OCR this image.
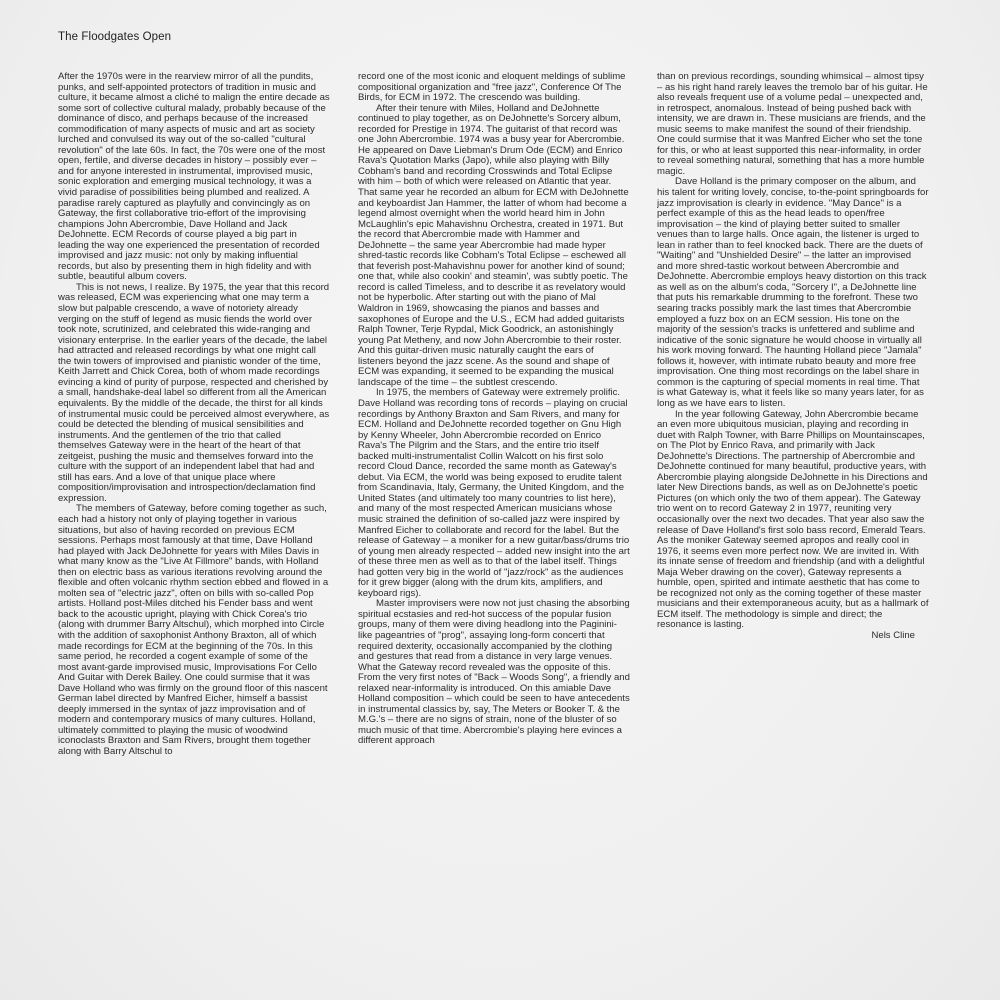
The Floodgates Open

After the 1970s were in the rearview mirror of all the pundits, punks, and self-appointed protectors of tradition in music and culture, it became almost a cliché to malign the entire decade as some sort of collective cultural malady, probably because of the dominance of disco, and perhaps because of the increased commodification of many aspects of music and art as society lurched and convulsed its way out of the so-called "cultural revolution" of the late 60s. In fact, the 70s were one of the most open, fertile, and diverse decades in history – possibly ever – and for anyone interested in instrumental, improvised music, sonic exploration and emerging musical technology, it was a vivid paradise of possibilities being plumbed and realized. A paradise rarely captured as playfully and convincingly as on Gateway, the first collaborative trio-effort of the improvising champions John Abercrombie, Dave Holland and Jack DeJohnette. ECM Records of course played a big part in leading the way one experienced the presentation of recorded improvised and jazz music: not only by making influential records, but also by presenting them in high fidelity and with subtle, beautiful album covers.

This is not news, I realize. By 1975, the year that this record was released, ECM was experiencing what one may term a slow but palpable crescendo, a wave of notoriety already verging on the stuff of legend as music fiends the world over took note, scrutinized, and celebrated this wide-ranging and visionary enterprise. In the earlier years of the decade, the label had attracted and released recordings by what one might call the twin towers of improvised and pianistic wonder of the time, Keith Jarrett and Chick Corea, both of whom made recordings evincing a kind of purity of purpose, respected and cherished by a small, handshake-deal label so different from all the American equivalents. By the middle of the decade, the thirst for all kinds of instrumental music could be perceived almost everywhere, as could be detected the blending of musical sensibilities and instruments. And the gentlemen of the trio that called themselves Gateway were in the heart of the heart of that zeitgeist, pushing the music and themselves forward into the culture with the support of an independent label that had and still has ears. And a love of that unique place where composition/improvisation and introspection/declamation find expression.

The members of Gateway, before coming together as such, each had a history not only of playing together in various situations, but also of having recorded on previous ECM sessions. Perhaps most famously at that time, Dave Holland had played with Jack DeJohnette for years with Miles Davis in what many know as the "Live At Fillmore" bands, with Holland then on electric bass as various iterations revolving around the flexible and often volcanic rhythm section ebbed and flowed in a molten sea of "electric jazz", often on bills with so-called Pop artists. Holland post-Miles ditched his Fender bass and went back to the acoustic upright, playing with Chick Corea's trio (along with drummer Barry Altschul), which morphed into Circle with the addition of saxophonist Anthony Braxton, all of which made recordings for ECM at the beginning of the 70s. In this same period, he recorded a cogent example of some of the most avant-garde improvised music, Improvisations For Cello And Guitar with Derek Bailey. One could surmise that it was Dave Holland who was firmly on the ground floor of this nascent German label directed by Manfred Eicher, himself a bassist deeply immersed in the syntax of jazz improvisation and of modern and contemporary musics of many cultures. Holland, ultimately committed to playing the music of woodwind iconoclasts Braxton and Sam Rivers, brought them together along with Barry Altschul to

record one of the most iconic and eloquent meldings of sublime compositional organization and "free jazz", Conference Of The Birds, for ECM in 1972. The crescendo was building.

After their tenure with Miles, Holland and DeJohnette continued to play together, as on DeJohnette's Sorcery album, recorded for Prestige in 1974. The guitarist of that record was one John Abercrombie. 1974 was a busy year for Abercrombie. He appeared on Dave Liebman's Drum Ode (ECM) and Enrico Rava's Quotation Marks (Japo), while also playing with Billy Cobham's band and recording Crosswinds and Total Eclipse with him – both of which were released on Atlantic that year. That same year he recorded an album for ECM with DeJohnette and keyboardist Jan Hammer, the latter of whom had become a legend almost overnight when the world heard him in John McLaughlin's epic Mahavishnu Orchestra, created in 1971. But the record that Abercrombie made with Hammer and DeJohnette – the same year Abercrombie had made hyper shred-tastic records like Cobham's Total Eclipse – eschewed all that feverish post-Mahavishnu power for another kind of sound; one that, while also cookin' and steamin', was subtly poetic. The record is called Timeless, and to describe it as revelatory would not be hyperbolic. After starting out with the piano of Mal Waldron in 1969, showcasing the pianos and basses and saxophones of Europe and the U.S., ECM had added guitarists Ralph Towner, Terje Rypdal, Mick Goodrick, an astonishingly young Pat Metheny, and now John Abercrombie to their roster. And this guitar-driven music naturally caught the ears of listeners beyond the jazz scene. As the sound and shape of ECM was expanding, it seemed to be expanding the musical landscape of the time – the subtlest crescendo.

In 1975, the members of Gateway were extremely prolific. Dave Holland was recording tons of records – playing on crucial recordings by Anthony Braxton and Sam Rivers, and many for ECM. Holland and DeJohnette recorded together on Gnu High by Kenny Wheeler, John Abercrombie recorded on Enrico Rava's The Pilgrim and the Stars, and the entire trio itself backed multi-instrumentalist Collin Walcott on his first solo record Cloud Dance, recorded the same month as Gateway's debut. Via ECM, the world was being exposed to erudite talent from Scandinavia, Italy, Germany, the United Kingdom, and the United States (and ultimately too many countries to list here), and many of the most respected American musicians whose music strained the definition of so-called jazz were inspired by Manfred Eicher to collaborate and record for the label. But the release of Gateway – a moniker for a new guitar/bass/drums trio of young men already respected – added new insight into the art of these three men as well as to that of the label itself. Things had gotten very big in the world of "jazz/rock" as the audiences for it grew bigger (along with the drum kits, amplifiers, and keyboard rigs).

Master improvisers were now not just chasing the absorbing spiritual ecstasies and red-hot success of the popular fusion groups, many of them were diving headlong into the Paginini-like pageantries of "prog", assaying long-form concerti that required dexterity, occasionally accompanied by the clothing and gestures that read from a distance in very large venues. What the Gateway record revealed was the opposite of this. From the very first notes of "Back – Woods Song", a friendly and relaxed near-informality is introduced. On this amiable Dave Holland composition – which could be seen to have antecedents in instrumental classics by, say, The Meters or Booker T. & the M.G.'s – there are no signs of strain, none of the bluster of so much music of that time. Abercrombie's playing here evinces a different approach

than on previous recordings, sounding whimsical – almost tipsy – as his right hand rarely leaves the tremolo bar of his guitar. He also reveals frequent use of a volume pedal – unexpected and, in retrospect, anomalous. Instead of being pushed back with intensity, we are drawn in. These musicians are friends, and the music seems to make manifest the sound of their friendship. One could surmise that it was Manfred Eicher who set the tone for this, or who at least supported this near-informality, in order to reveal something natural, something that has a more humble magic.

Dave Holland is the primary composer on the album, and his talent for writing lovely, concise, to-the-point springboards for jazz improvisation is clearly in evidence. "May Dance" is a perfect example of this as the head leads to open/free improvisation – the kind of playing better suited to smaller venues than to large halls. Once again, the listener is urged to lean in rather than to feel knocked back. There are the duets of "Waiting" and "Unshielded Desire" – the latter an improvised and more shred-tastic workout between Abercrombie and DeJohnette. Abercrombie employs heavy distortion on this track as well as on the album's coda, "Sorcery I", a DeJohnette line that puts his remarkable drumming to the forefront. These two searing tracks possibly mark the last times that Abercrombie employed a fuzz box on an ECM session. His tone on the majority of the session's tracks is unfettered and sublime and indicative of the sonic signature he would choose in virtually all his work moving forward. The haunting Holland piece "Jamala" follows it, however, with intimate rubato beauty and more free improvisation. One thing most recordings on the label share in common is the capturing of special moments in real time. That is what Gateway is, what it feels like so many years later, for as long as we have ears to listen.

In the year following Gateway, John Abercrombie became an even more ubiquitous musician, playing and recording in duet with Ralph Towner, with Barre Phillips on Mountainscapes, on The Plot by Enrico Rava, and primarily with Jack DeJohnette's Directions. The partnership of Abercrombie and DeJohnette continued for many beautiful, productive years, with Abercrombie playing alongside DeJohnette in his Directions and later New Directions bands, as well as on DeJohnette's poetic Pictures (on which only the two of them appear). The Gateway trio went on to record Gateway 2 in 1977, reuniting very occasionally over the next two decades. That year also saw the release of Dave Holland's first solo bass record, Emerald Tears. As the moniker Gateway seemed apropos and really cool in 1976, it seems even more perfect now. We are invited in. With its innate sense of freedom and friendship (and with a delightful Maja Weber drawing on the cover), Gateway represents a humble, open, spirited and intimate aesthetic that has come to be recognized not only as the coming together of these master musicians and their extemporaneous acuity, but as a hallmark of ECM itself. The methodology is simple and direct; the resonance is lasting.

Nels Cline
